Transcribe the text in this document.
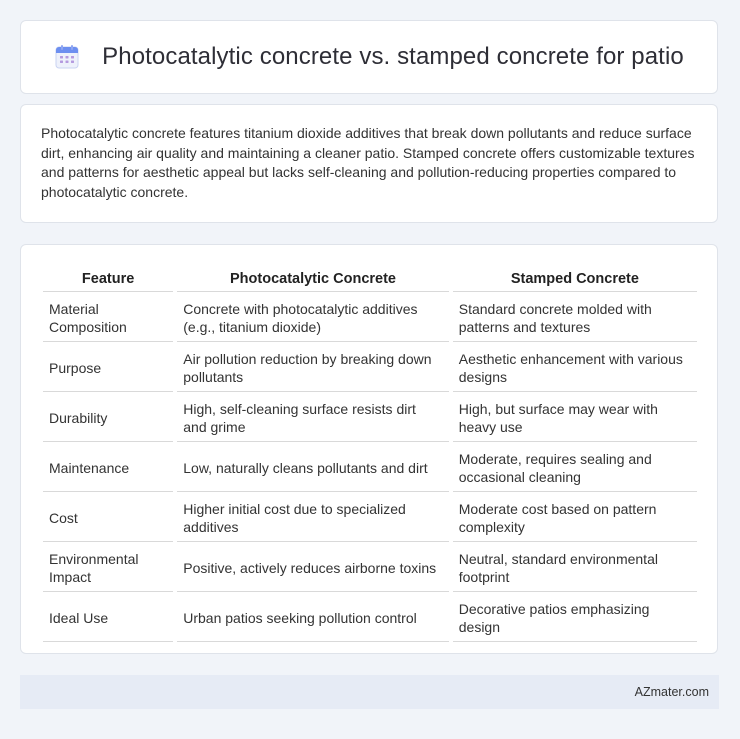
Photocatalytic concrete vs. stamped concrete for patio

Photocatalytic concrete features titanium dioxide additives that break down pollutants and reduce surface dirt, enhancing air quality and maintaining a cleaner patio. Stamped concrete offers customizable textures and patterns for aesthetic appeal but lacks self-cleaning and pollution-reducing properties compared to photocatalytic concrete.

Feature	Photocatalytic Concrete	Stamped Concrete
Material Composition	Concrete with photocatalytic additives (e.g., titanium dioxide)	Standard concrete molded with patterns and textures
Purpose	Air pollution reduction by breaking down pollutants	Aesthetic enhancement with various designs
Durability	High, self-cleaning surface resists dirt and grime	High, but surface may wear with heavy use
Maintenance	Low, naturally cleans pollutants and dirt	Moderate, requires sealing and occasional cleaning
Cost	Higher initial cost due to specialized additives	Moderate cost based on pattern complexity
Environmental Impact	Positive, actively reduces airborne toxins	Neutral, standard environmental footprint
Ideal Use	Urban patios seeking pollution control	Decorative patios emphasizing design
AZmater.com
